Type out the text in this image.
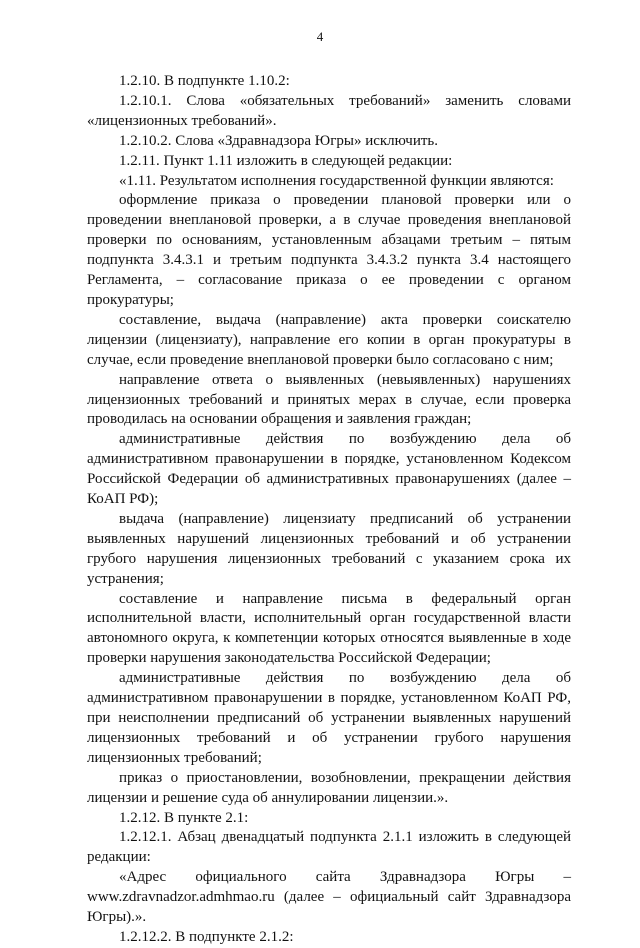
4

1.2.10. В подпункте 1.10.2:

1.2.10.1. Слова «обязательных требований» заменить словами «лицензионных требований».

1.2.10.2. Слова «Здравнадзора Югры» исключить.

1.2.11. Пункт 1.11 изложить в следующей редакции:

«1.11. Результатом исполнения государственной функции являются:

оформление приказа о проведении плановой проверки или о проведении внеплановой проверки, а в случае проведения внеплановой проверки по основаниям, установленным абзацами третьим – пятым подпункта 3.4.3.1 и третьим подпункта 3.4.3.2 пункта 3.4 настоящего Регламента, – согласование приказа о ее проведении с органом прокуратуры;

составление, выдача (направление) акта проверки соискателю лицензии (лицензиату), направление его копии в орган прокуратуры в случае, если проведение внеплановой проверки было согласовано с ним;

направление ответа о выявленных (невыявленных) нарушениях лицензионных требований и принятых мерах в случае, если проверка проводилась на основании обращения и заявления граждан;

административные действия по возбуждению дела об административном правонарушении в порядке, установленном Кодексом Российской Федерации об административных правонарушениях (далее – КоАП РФ);

выдача (направление) лицензиату предписаний об устранении выявленных нарушений лицензионных требований и об устранении грубого нарушения лицензионных требований с указанием срока их устранения;

составление и направление письма в федеральный орган исполнительной власти, исполнительный орган государственной власти автономного округа, к компетенции которых относятся выявленные в ходе проверки нарушения законодательства Российской Федерации;

административные действия по возбуждению дела об административном правонарушении в порядке, установленном КоАП РФ, при неисполнении предписаний об устранении выявленных нарушений лицензионных требований и об устранении грубого нарушения лицензионных требований;

приказ о приостановлении, возобновлении, прекращении действия лицензии и решение суда об аннулировании лицензии.».

1.2.12. В пункте 2.1:

1.2.12.1. Абзац двенадцатый подпункта 2.1.1 изложить в следующей редакции:

«Адрес официального сайта Здравнадзора Югры – www.zdravnadzor.admhmao.ru (далее – официальный сайт Здравнадзора Югры).».

1.2.12.2. В подпункте 2.1.2:
